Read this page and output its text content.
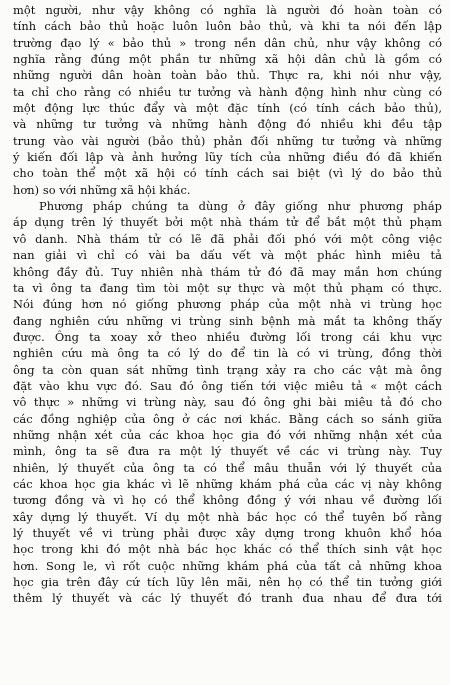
một người, như vậy không có nghĩa là người đó hoàn toàn có
tính cách bảo thủ hoặc luôn luôn bảo thủ, và khi ta nói đến lập
trường đạo lý « bảo thủ » trong nền dân chủ, như vậy không có
nghĩa rằng đúng một phần tư những xã hội dân chủ là gồm có
những người dân hoàn toàn bảo thủ. Thực ra, khi nói như vậy,
ta chỉ cho rằng có nhiều tư tưởng và hành động hình như cùng có
một động lực thúc đẩy và một đặc tính (có tính cách bảo thủ),
và những tư tưởng và những hành động đó nhiều khi đều tập
trung vào vài người (bảo thủ) phản đối những tư tưởng và những
ý kiến đối lập và ảnh hưởng lũy tích của những điều đó đã khiến
cho toàn thể một xã hội có tính cách sai biệt (vì lý do bảo thủ
hơn) so với những xã hội khác.
Phương pháp chúng ta dùng ở đây giống như phương pháp
áp dụng trên lý thuyết bởi một nhà thám tử để bắt một thủ phạm
vô danh. Nhà thám tử có lẽ đã phải đối phó với một công việc
nan giải vì chỉ có vài ba dấu vết và một phác hình miêu tả
không đầy đủ. Tuy nhiên nhà thám tử đó đã may mắn hơn chúng
ta vì ông ta đang tìm tòi một sự thực và một thủ phạm có thực.
Nói đúng hơn nó giống phương pháp của một nhà vi trùng học
đang nghiên cứu những vi trùng sinh bệnh mà mắt ta không thấy
được. Ông ta xoay xở theo nhiều đường lối trong cái khu vực
nghiên cứu mà ông ta có lý do để tin là có vi trùng, đồng thời
ông ta còn quan sát những tình trạng xảy ra cho các vật mà ông
đặt vào khu vực đó. Sau đó ông tiến tới việc miêu tả « một cách
vô thực » những vi trùng này, sau đó ông ghi bài miêu tả đó cho
các đồng nghiệp của ông ở các nơi khác. Bằng cách so sánh giữa
những nhận xét của các khoa học gia đó với những nhận xét của
mình, ông ta sẽ đưa ra một lý thuyết về các vi trùng này. Tuy
nhiên, lý thuyết của ông ta có thể mâu thuẫn với lý thuyết của
các khoa học gia khác vì lẽ những khám phá của các vị này không
tương đồng và vì họ có thể không đồng ý với nhau về đường lối
xây dựng lý thuyết. Ví dụ một nhà bác học có thể tuyên bố rằng
lý thuyết về vi trùng phải được xây dựng trong khuôn khổ hóa
học trong khi đó một nhà bác học khác có thể thích sinh vật học
hơn. Song le, vì rốt cuộc những khám phá của tất cả những khoa
học gia trên đây cứ tích lũy lên mãi, nên họ có thể tin tưởng giới
thêm lý thuyết và các lý thuyết đó tranh đua nhau để đưa tới
